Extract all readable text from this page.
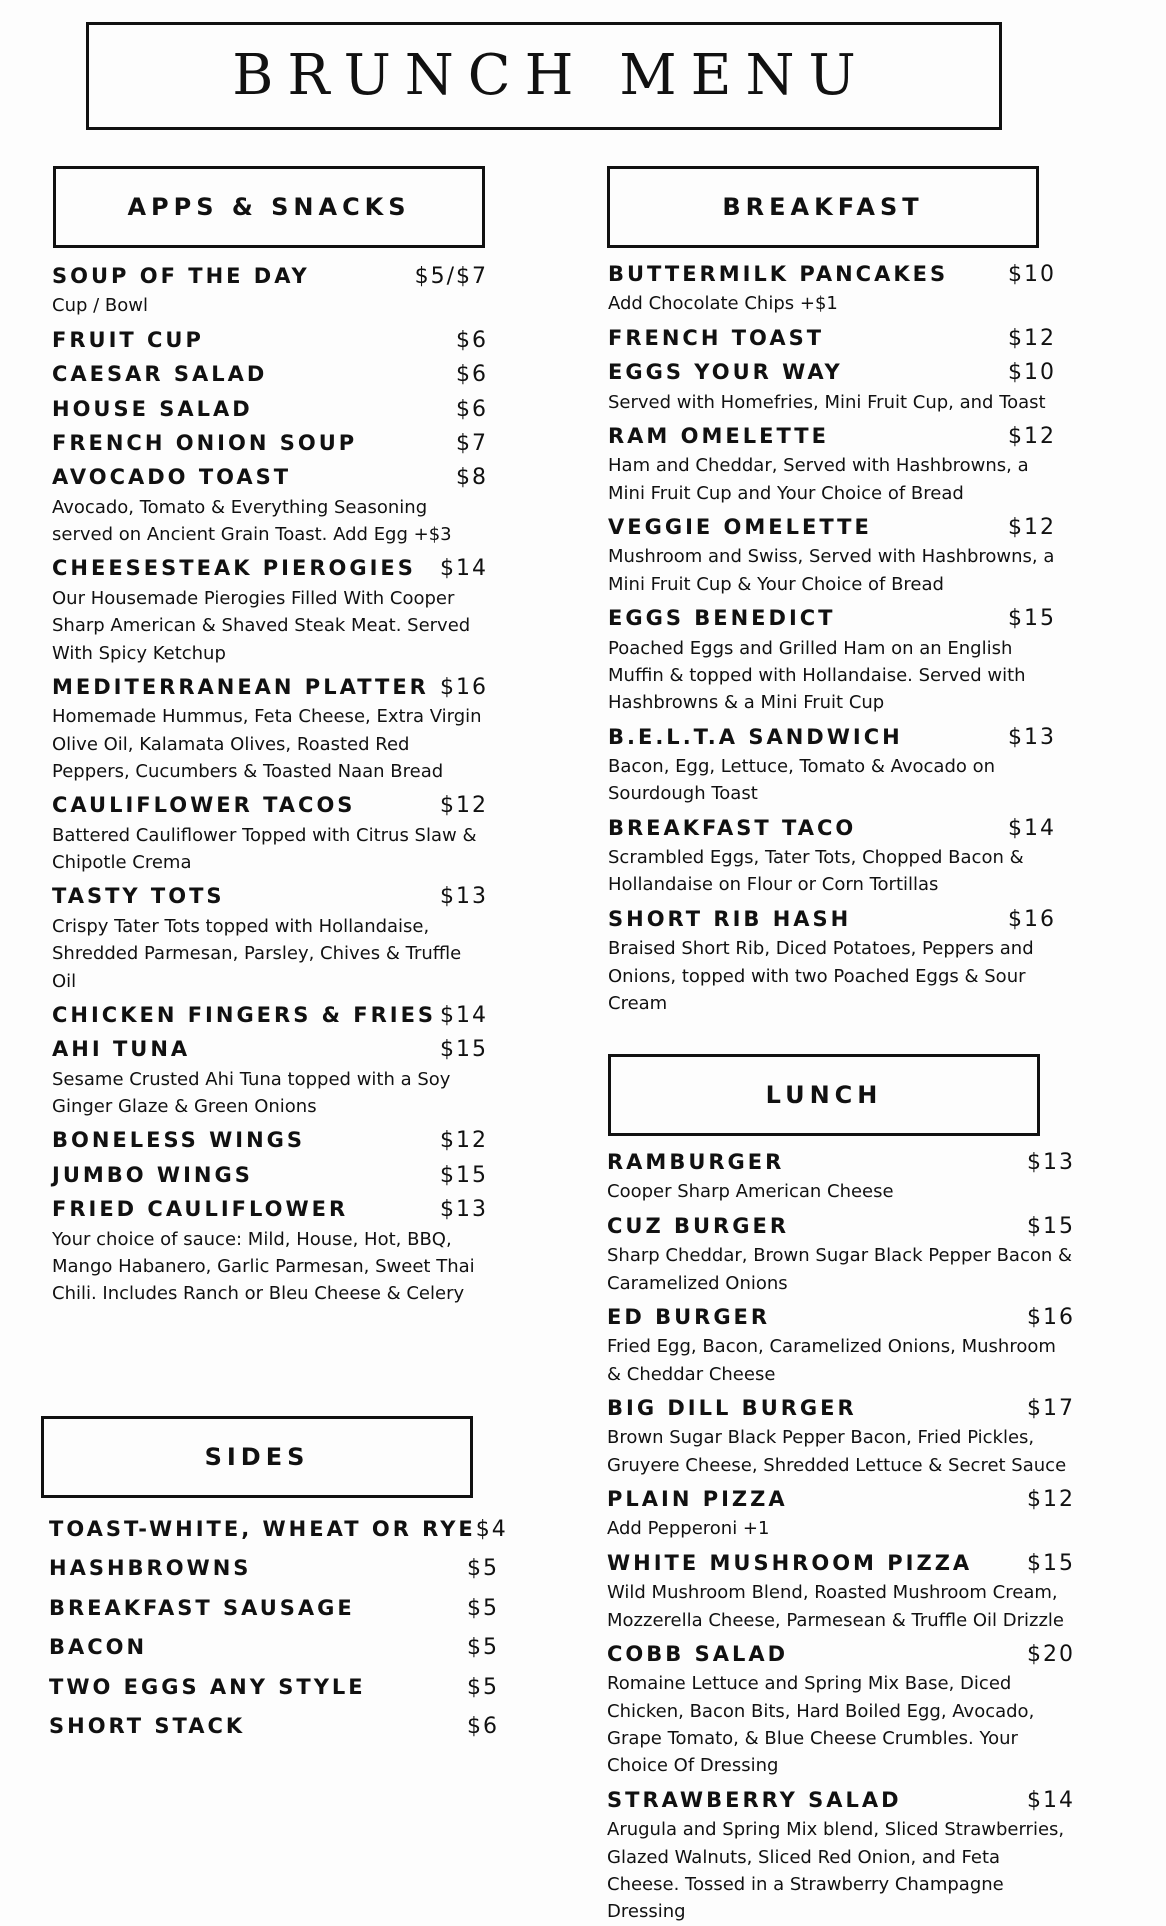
BRUNCH MENU
APPS & SNACKS
SOUP OF THE DAY	$5/$7
Cup / Bowl
FRUIT CUP	$6
CAESAR SALAD	$6
HOUSE SALAD	$6
FRENCH ONION SOUP	$7
AVOCADO TOAST	$8
Avocado, Tomato & Everything Seasoning served on Ancient Grain Toast. Add Egg +$3
CHEESESTEAK PIEROGIES $14
Our Housemade Pierogies Filled With Cooper Sharp American & Shaved Steak Meat. Served With Spicy Ketchup
MEDITERRANEAN PLATTER $16
Homemade Hummus, Feta Cheese, Extra Virgin Olive Oil, Kalamata Olives, Roasted Red Peppers, Cucumbers & Toasted Naan Bread
CAULIFLOWER TACOS	$12
Battered Cauliflower Topped with Citrus Slaw & Chipotle Crema
TASTY TOTS	$13
Crispy Tater Tots topped with Hollandaise, Shredded Parmesan, Parsley, Chives & Truffle Oil
CHICKEN FINGERS & FRIES $14
AHI TUNA	$15
Sesame Crusted Ahi Tuna topped with a Soy Ginger Glaze & Green Onions
BONELESS WINGS	$12
JUMBO WINGS	$15
FRIED CAULIFLOWER	$13
Your choice of sauce: Mild, House, Hot, BBQ, Mango Habanero, Garlic Parmesan, Sweet Thai Chili. Includes Ranch or Bleu Cheese & Celery
SIDES
TOAST-WHITE, WHEAT OR RYE $4
HASHBROWNS	$5
BREAKFAST SAUSAGE	$5
BACON	$5
TWO EGGS ANY STYLE	$5
SHORT STACK	$6
BREAKFAST
BUTTERMILK PANCAKES	$10
Add Chocolate Chips +$1
FRENCH TOAST	$12
EGGS YOUR WAY	$10
Served with Homefries, Mini Fruit Cup, and Toast
RAM OMELETTE	$12
Ham and Cheddar, Served with Hashbrowns, a Mini Fruit Cup and Your Choice of Bread
VEGGIE OMELETTE	$12
Mushroom and Swiss, Served with Hashbrowns, a Mini Fruit Cup & Your Choice of Bread
EGGS BENEDICT	$15
Poached Eggs and Grilled Ham on an English Muffin & topped with Hollandaise. Served with Hashbrowns & a Mini Fruit Cup
B.E.L.T.A SANDWICH	$13
Bacon, Egg, Lettuce, Tomato & Avocado on Sourdough Toast
BREAKFAST TACO	$14
Scrambled Eggs, Tater Tots, Chopped Bacon & Hollandaise on Flour or Corn Tortillas
SHORT RIB HASH	$16
Braised Short Rib, Diced Potatoes, Peppers and Onions, topped with two Poached Eggs & Sour Cream
LUNCH
RAMBURGER	$13
Cooper Sharp American Cheese
CUZ BURGER	$15
Sharp Cheddar, Brown Sugar Black Pepper Bacon & Caramelized Onions
ED BURGER	$16
Fried Egg, Bacon, Caramelized Onions, Mushroom & Cheddar Cheese
BIG DILL BURGER	$17
Brown Sugar Black Pepper Bacon, Fried Pickles, Gruyere Cheese, Shredded Lettuce & Secret Sauce
PLAIN PIZZA	$12
Add Pepperoni +1
WHITE MUSHROOM PIZZA $15
Wild Mushroom Blend, Roasted Mushroom Cream, Mozzerella Cheese, Parmesean & Truffle Oil Drizzle
COBB SALAD	$20
Romaine Lettuce and Spring Mix Base, Diced Chicken, Bacon Bits, Hard Boiled Egg, Avocado, Grape Tomato, & Blue Cheese Crumbles. Your Choice Of Dressing
STRAWBERRY SALAD	$14
Arugula and Spring Mix blend, Sliced Strawberries, Glazed Walnuts, Sliced Red Onion, and Feta Cheese. Tossed in a Strawberry Champagne Dressing
